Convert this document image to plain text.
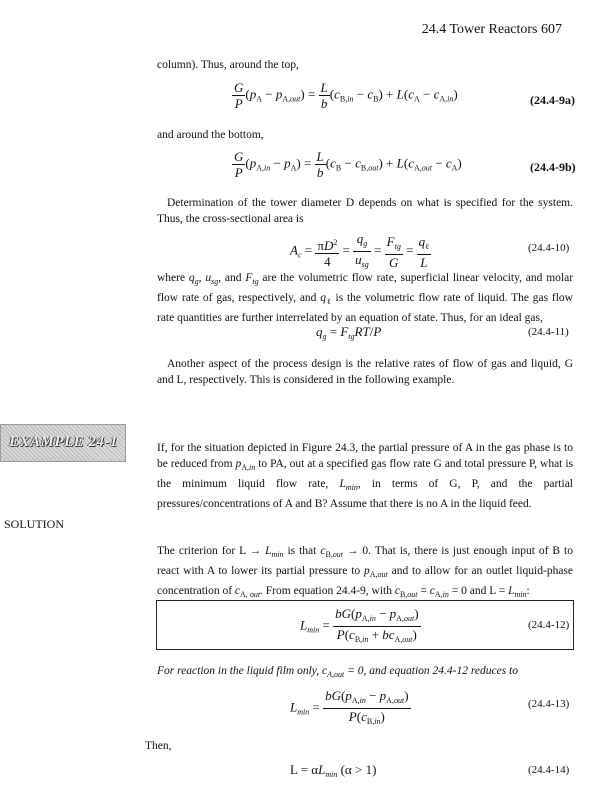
24.4 Tower Reactors 607
column). Thus, around the top,
$\frac{G}{P} (p_A - p_{A,out}) = \frac{L}{b} (c_{B,in} - c_B) + L(c_A - c_{A,in})$	(24.4-9a)
and around the bottom,
$\frac{G}{P} (p_{A,in} - p_A) = \frac{L}{b} (c_B - c_{B,out}) + L(c_{A,out} - c_A)$	(24.4-9b)
Determination of the tower diameter D depends on what is specified for the system. Thus, the cross-sectional area is
$A_c = \frac{\pi D^2}{4} = \frac{q_g}{u_{sg}} = \frac{F_{tg}}{G} = \frac{q_\ell}{L}$	(24.4-10)
where $q_g$, $u_{sg}$, and $F_{tg}$ are the volumetric flow rate, superficial linear velocity, and molar flow rate of gas, respectively, and $q_\ell$ is the volumetric flow rate of liquid. The gas flow rate quantities are further interrelated by an equation of state. Thus, for an ideal gas,
$q_g = F_{tg}RT/P$	(24.4-11)
Another aspect of the process design is the relative rates of flow of gas and liquid, G and L, respectively. This is considered in the following example.
EXAMPLE 24-1	If, for the situation depicted in Figure 24.3, the partial pressure of A in the gas phase is to be reduced from $p_{A,in}$ to PA, out at a specified gas flow rate G and total pressure P, what is the minimum liquid flow rate, $L_{min}$, in terms of G, P, and the partial pressures/concentrations of A and B? Assume that there is no A in the liquid feed.
SOLUTION
The criterion for $L \to L_{min}$ is that $c_{B,out} \to 0$. That is, there is just enough input of B to react with A to lower its partial pressure to $p_{A,out}$ and to allow for an outlet liquid-phase concentration of $c_{A, out}$. From equation 24.4-9, with $c_{B,out} = c_{A,in} = 0$ and $L = L_{min}$:
$L_{min} = \frac{bG(p_{A,in} - p_{A,out})}{P(c_{B,in} + bc_{A,out})}$	(24.4-12)
For reaction in the liquid film only, $c_{A,out} = 0$, and equation 24.4-12 reduces to
$L_{min} = \frac{bG(p_{A,in} - p_{A,out})}{P(c_{B,in})}$	(24.4-13)
Then,
$L = \alpha L_{min}$ (α > 1)	(24.4-14)
